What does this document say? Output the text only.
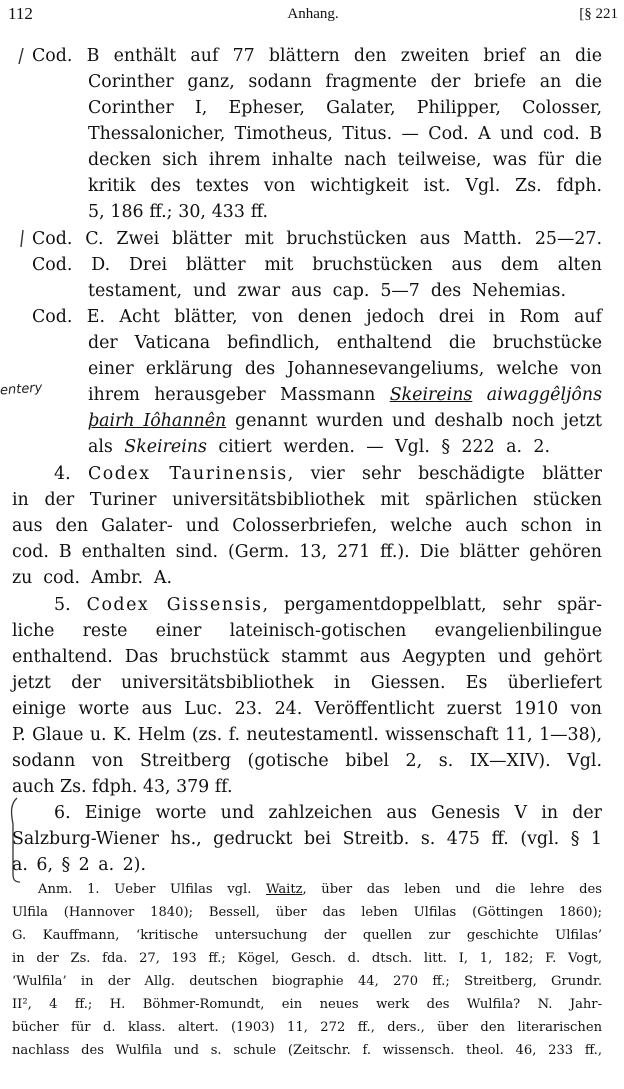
112	Anhang.	[§ 221
entery
Cod. B enthält auf 77 blättern den zweiten brief an die
Corinther ganz, sodann fragmente der briefe an die
Corinther I, Epheser, Galater, Philipper, Colosser,
Thessalonicher, Timotheus, Titus. — Cod. A und cod. B
decken sich ihrem inhalte nach teilweise, was für die
kritik des textes von wichtigkeit ist. Vgl. Zs. fdph.
5, 186 ff.; 30, 433 ff.
Cod. C. Zwei blätter mit bruchstücken aus Matth. 25—27.
Cod. D. Drei blätter mit bruchstücken aus dem alten
testament, und zwar aus cap. 5—7 des Nehemias.
Cod. E. Acht blätter, von denen jedoch drei in Rom auf
der Vaticana befindlich, enthaltend die bruchstücke
einer erklärung des Johannesevangeliums, welche von
ihrem herausgeber Massmann Skeireins aiwaggêljôns
þairh Iôhannên genannt wurden und deshalb noch jetzt
als Skeireins citiert werden. — Vgl. § 222 a. 2.
4. Codex Taurinensis, vier sehr beschädigte blätter
in der Turiner universitätsbibliothek mit spärlichen stücken
aus den Galater- und Colosserbriefen, welche auch schon in
cod. B enthalten sind. (Germ. 13, 271 ff.). Die blätter gehören
zu cod. Ambr. A.
5. Codex Gissensis, pergamentdoppelblatt, sehr spär-
liche reste einer lateinisch-gotischen evangelienbilingue
enthaltend. Das bruchstück stammt aus Aegypten und gehört
jetzt der universitätsbibliothek in Giessen. Es überliefert
einige worte aus Luc. 23. 24. Veröffentlicht zuerst 1910 von
P. Glaue u. K. Helm (zs. f. neutestamentl. wissenschaft 11, 1—38),
sodann von Streitberg (gotische bibel 2, s. IX—XIV). Vgl.
auch Zs. fdph. 43, 379 ff.
6. Einige worte und zahlzeichen aus Genesis V in der
Salzburg-Wiener hs., gedruckt bei Streitb. s. 475 ff. (vgl. § 1
a. 6, § 2 a. 2).
Anm. 1. Ueber Ulfilas vgl. Waitz, über das leben und die lehre des
Ulfila (Hannover 1840); Bessell, über das leben Ulfilas (Göttingen 1860);
G. Kauffmann, ‘kritische untersuchung der quellen zur geschichte Ulfilas’
in der Zs. fda. 27, 193 ff.; Kögel, Gesch. d. dtsch. litt. I, 1, 182; F. Vogt,
‘Wulfila’ in der Allg. deutschen biographie 44, 270 ff.; Streitberg, Grundr.
II², 4 ff.; H. Böhmer-Romundt, ein neues werk des Wulfila? N. Jahr-
bücher für d. klass. altert. (1903) 11, 272 ff., ders., über den literarischen
nachlass des Wulfila und s. schule (Zeitschr. f. wissensch. theol. 46, 233 ff.,
